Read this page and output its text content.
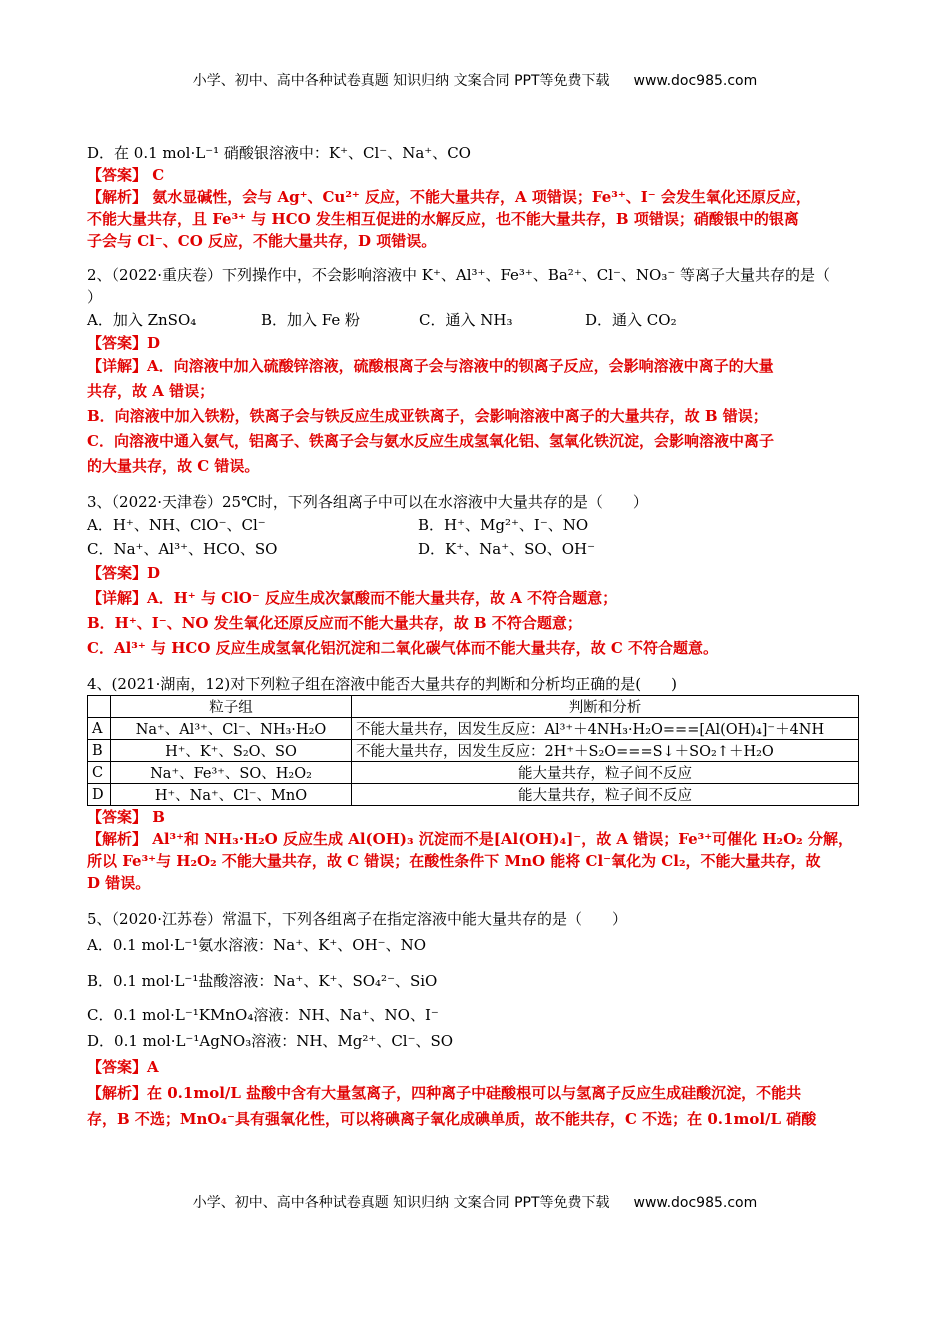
小学、初中、高中各种试卷真题 知识归纳 文案合同 PPT等免费下载 www.doc985.com
D．在 0.1 mol·L⁻¹ 硝酸银溶液中：K⁺、Cl⁻、Na⁺、CO
【答案】 C
【解析】 氨水显碱性，会与 Ag⁺、Cu²⁺ 反应，不能大量共存，A 项错误；Fe³⁺、I⁻ 会发生氧化还原反应，
不能大量共存，且 Fe³⁺ 与 HCO 发生相互促进的水解反应，也不能大量共存，B 项错误；硝酸银中的银离
子会与 Cl⁻、CO 反应，不能大量共存，D 项错误。
2、（2022·重庆卷）下列操作中，不会影响溶液中 K⁺、Al³⁺、Fe³⁺、Ba²⁺、Cl⁻、NO₃⁻ 等离子大量共存的是（
）
A．加入 ZnSO₄	B．加入 Fe 粉	C．通入 NH₃	D．通入 CO₂
【答案】D
【详解】A．向溶液中加入硫酸锌溶液，硫酸根离子会与溶液中的钡离子反应，会影响溶液中离子的大量
共存，故 A 错误；
B．向溶液中加入铁粉，铁离子会与铁反应生成亚铁离子，会影响溶液中离子的大量共存，故 B 错误；
C．向溶液中通入氨气，铝离子、铁离子会与氨水反应生成氢氧化铝、氢氧化铁沉淀，会影响溶液中离子
的大量共存，故 C 错误。
3、（2022·天津卷）25℃时，下列各组离子中可以在水溶液中大量共存的是（　　）
A．H⁺、NH、ClO⁻、Cl⁻	B．H⁺、Mg²⁺、I⁻、NO
C．Na⁺、Al³⁺、HCO、SO	D．K⁺、Na⁺、SO、OH⁻
【答案】D
【详解】A．H⁺ 与 ClO⁻ 反应生成次氯酸而不能大量共存，故 A 不符合题意；
B．H⁺、I⁻、NO 发生氧化还原反应而不能大量共存，故 B 不符合题意；
C．Al³⁺ 与 HCO 反应生成氢氧化铝沉淀和二氧化碳气体而不能大量共存，故 C 不符合题意。
4、(2021·湖南，12)对下列粒子组在溶液中能否大量共存的判断和分析均正确的是(　　)
	粒子组	判断和分析
A	Na⁺、Al³⁺、Cl⁻、NH₃·H₂O	不能大量共存，因发生反应：Al³⁺＋4NH₃·H₂O===[Al(OH)₄]⁻＋4NH
B	H⁺、K⁺、S₂O、SO	不能大量共存，因发生反应：2H⁺＋S₂O===S↓＋SO₂↑＋H₂O
C	Na⁺、Fe³⁺、SO、H₂O₂	能大量共存，粒子间不反应
D	H⁺、Na⁺、Cl⁻、MnO	能大量共存，粒子间不反应
【答案】 B
【解析】 Al³⁺和 NH₃·H₂O 反应生成 Al(OH)₃ 沉淀而不是[Al(OH)₄]⁻，故 A 错误；Fe³⁺可催化 H₂O₂ 分解，
所以 Fe³⁺与 H₂O₂ 不能大量共存，故 C 错误；在酸性条件下 MnO 能将 Cl⁻氧化为 Cl₂，不能大量共存，故
D 错误。
5、（2020·江苏卷）常温下，下列各组离子在指定溶液中能大量共存的是（　　）
A．0.1 mol·L⁻¹氨水溶液：Na⁺、K⁺、OH⁻、NO
B．0.1 mol·L⁻¹盐酸溶液：Na⁺、K⁺、SO₄²⁻、SiO
C．0.1 mol·L⁻¹KMnO₄溶液：NH、Na⁺、NO、I⁻
D．0.1 mol·L⁻¹AgNO₃溶液：NH、Mg²⁺、Cl⁻、SO
【答案】A
【解析】在 0.1mol/L 盐酸中含有大量氢离子，四种离子中硅酸根可以与氢离子反应生成硅酸沉淀，不能共
存，B 不选；MnO₄⁻具有强氧化性，可以将碘离子氧化成碘单质，故不能共存，C 不选；在 0.1mol/L 硝酸
小学、初中、高中各种试卷真题 知识归纳 文案合同 PPT等免费下载 www.doc985.com
